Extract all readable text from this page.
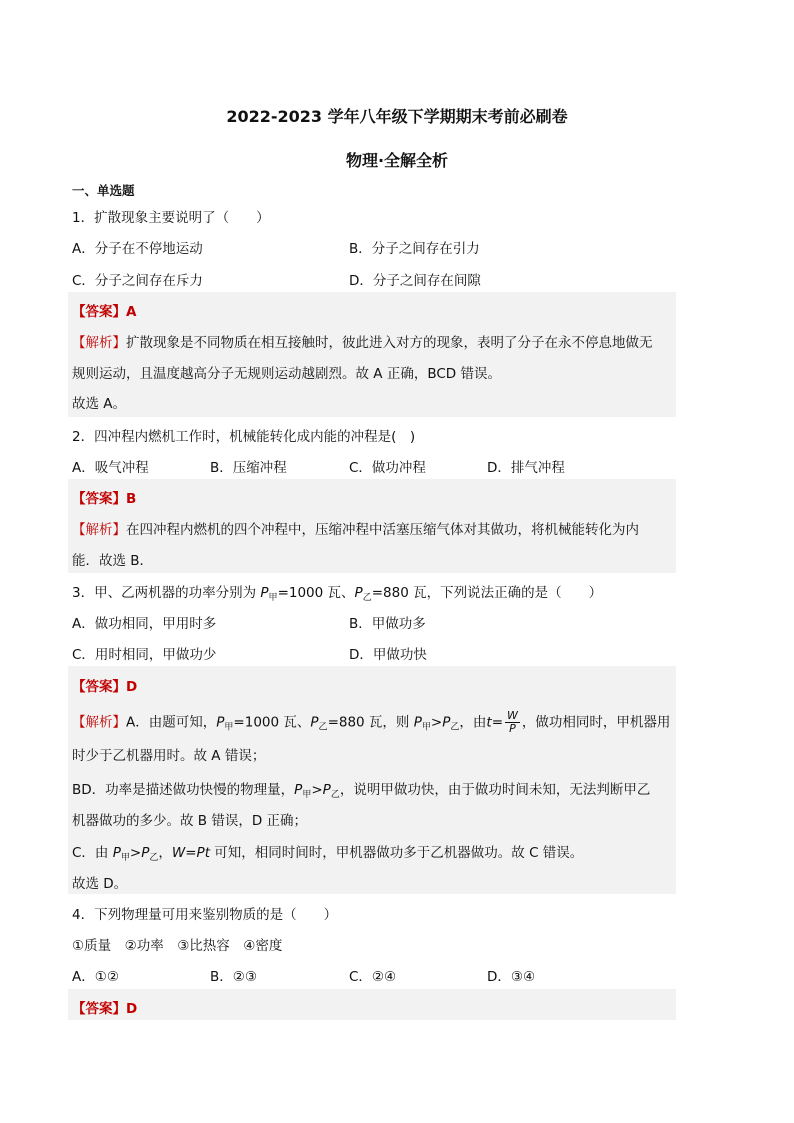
2022-2023 学年八年级下学期期末考前必刷卷
物理·全解全析
一、单选题
1．扩散现象主要说明了（　　）
A．分子在不停地运动	B．分子之间存在引力
C．分子之间存在斥力	D．分子之间存在间隙
【答案】A
【解析】扩散现象是不同物质在相互接触时，彼此进入对方的现象，表明了分子在永不停息地做无
规则运动，且温度越高分子无规则运动越剧烈。故 A 正确，BCD 错误。
故选 A。
2．四冲程内燃机工作时，机械能转化成内能的冲程是(　)
A．吸气冲程	B．压缩冲程	C．做功冲程	D．排气冲程
【答案】B
【解析】在四冲程内燃机的四个冲程中，压缩冲程中活塞压缩气体对其做功，将机械能转化为内
能．故选 B．
3．甲、乙两机器的功率分别为 $P_甲=1000$ 瓦、$P_乙=880$ 瓦，下列说法正确的是（　　）
A．做功相同，甲用时多	B．甲做功多
C．用时相同，甲做功少	D．甲做功快
【答案】D
【解析】A．由题可知，$P_甲=1000$ 瓦、$P_乙=880$ 瓦，则 $P_甲>P_乙$，由$t= \frac{W}{P}$ ，做功相同时，甲机器用
时少于乙机器用时。故 A 错误；
BD．功率是描述做功快慢的物理量，$P_甲>P_乙$，说明甲做功快，由于做功时间未知，无法判断甲乙
机器做功的多少。故 B 错误，D 正确；
C．由 $P_甲>P_乙$，W=Pt 可知，相同时间时，甲机器做功多于乙机器做功。故 C 错误。
故选 D。
4．下列物理量可用来鉴别物质的是（　　）
①质量　②功率　③比热容　④密度
A．①②	B．②③	C．②④	D．③④
【答案】D
